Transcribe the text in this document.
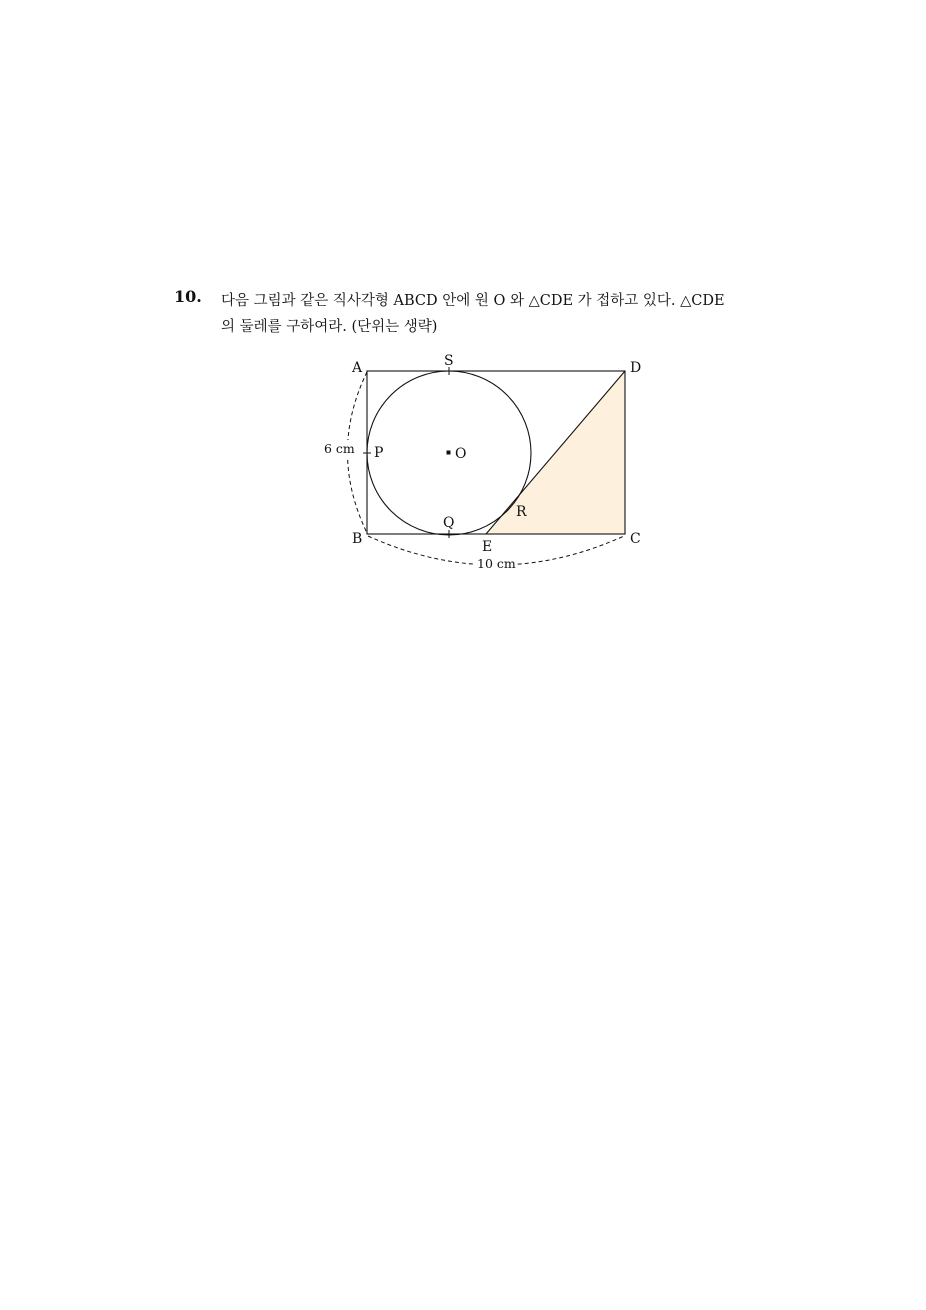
10. 다음 그림과 같은 직사각형 ABCD 안에 원 O 와 △CDE 가 접하고 있다. △CDE
의 둘레를 구하여라. (단위는 생략)
A
B	C
D
E
O
P
Q
R
S
6 cm
10 cm
